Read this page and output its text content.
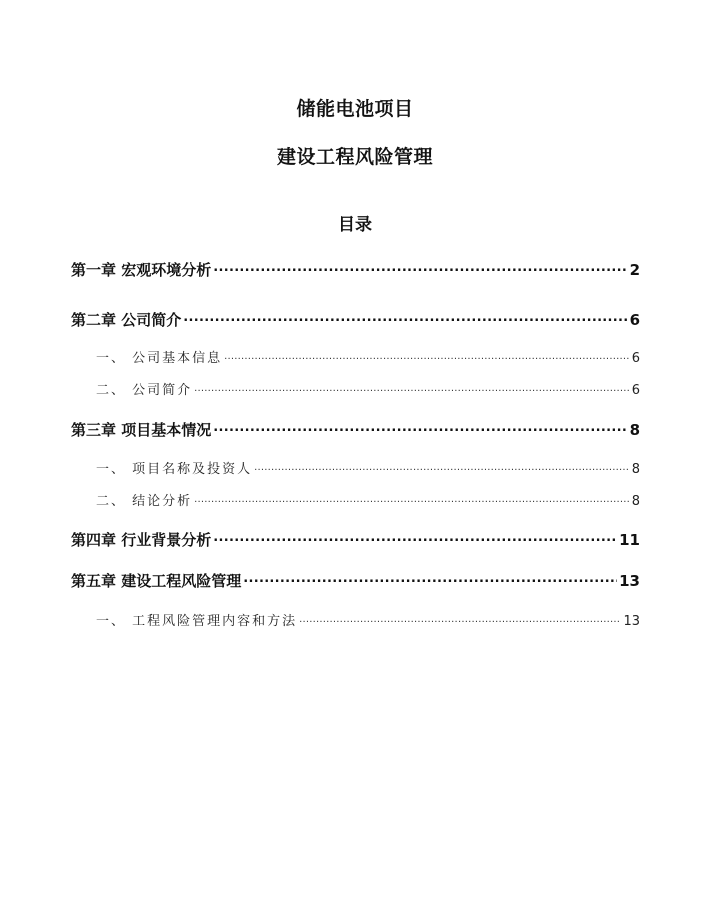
储能电池项目
建设工程风险管理
目录
第一章 宏观环境分析 .....	2
第二章 公司简介 .....	6
一、 公司基本信息 .....	6
二、 公司简介 .....	6
第三章 项目基本情况 .....	8
一、 项目名称及投资人 .....	8
二、 结论分析 .....	8
第四章 行业背景分析 .....	11
第五章 建设工程风险管理 .....	13
一、 工程风险管理内容和方法 .....	13
